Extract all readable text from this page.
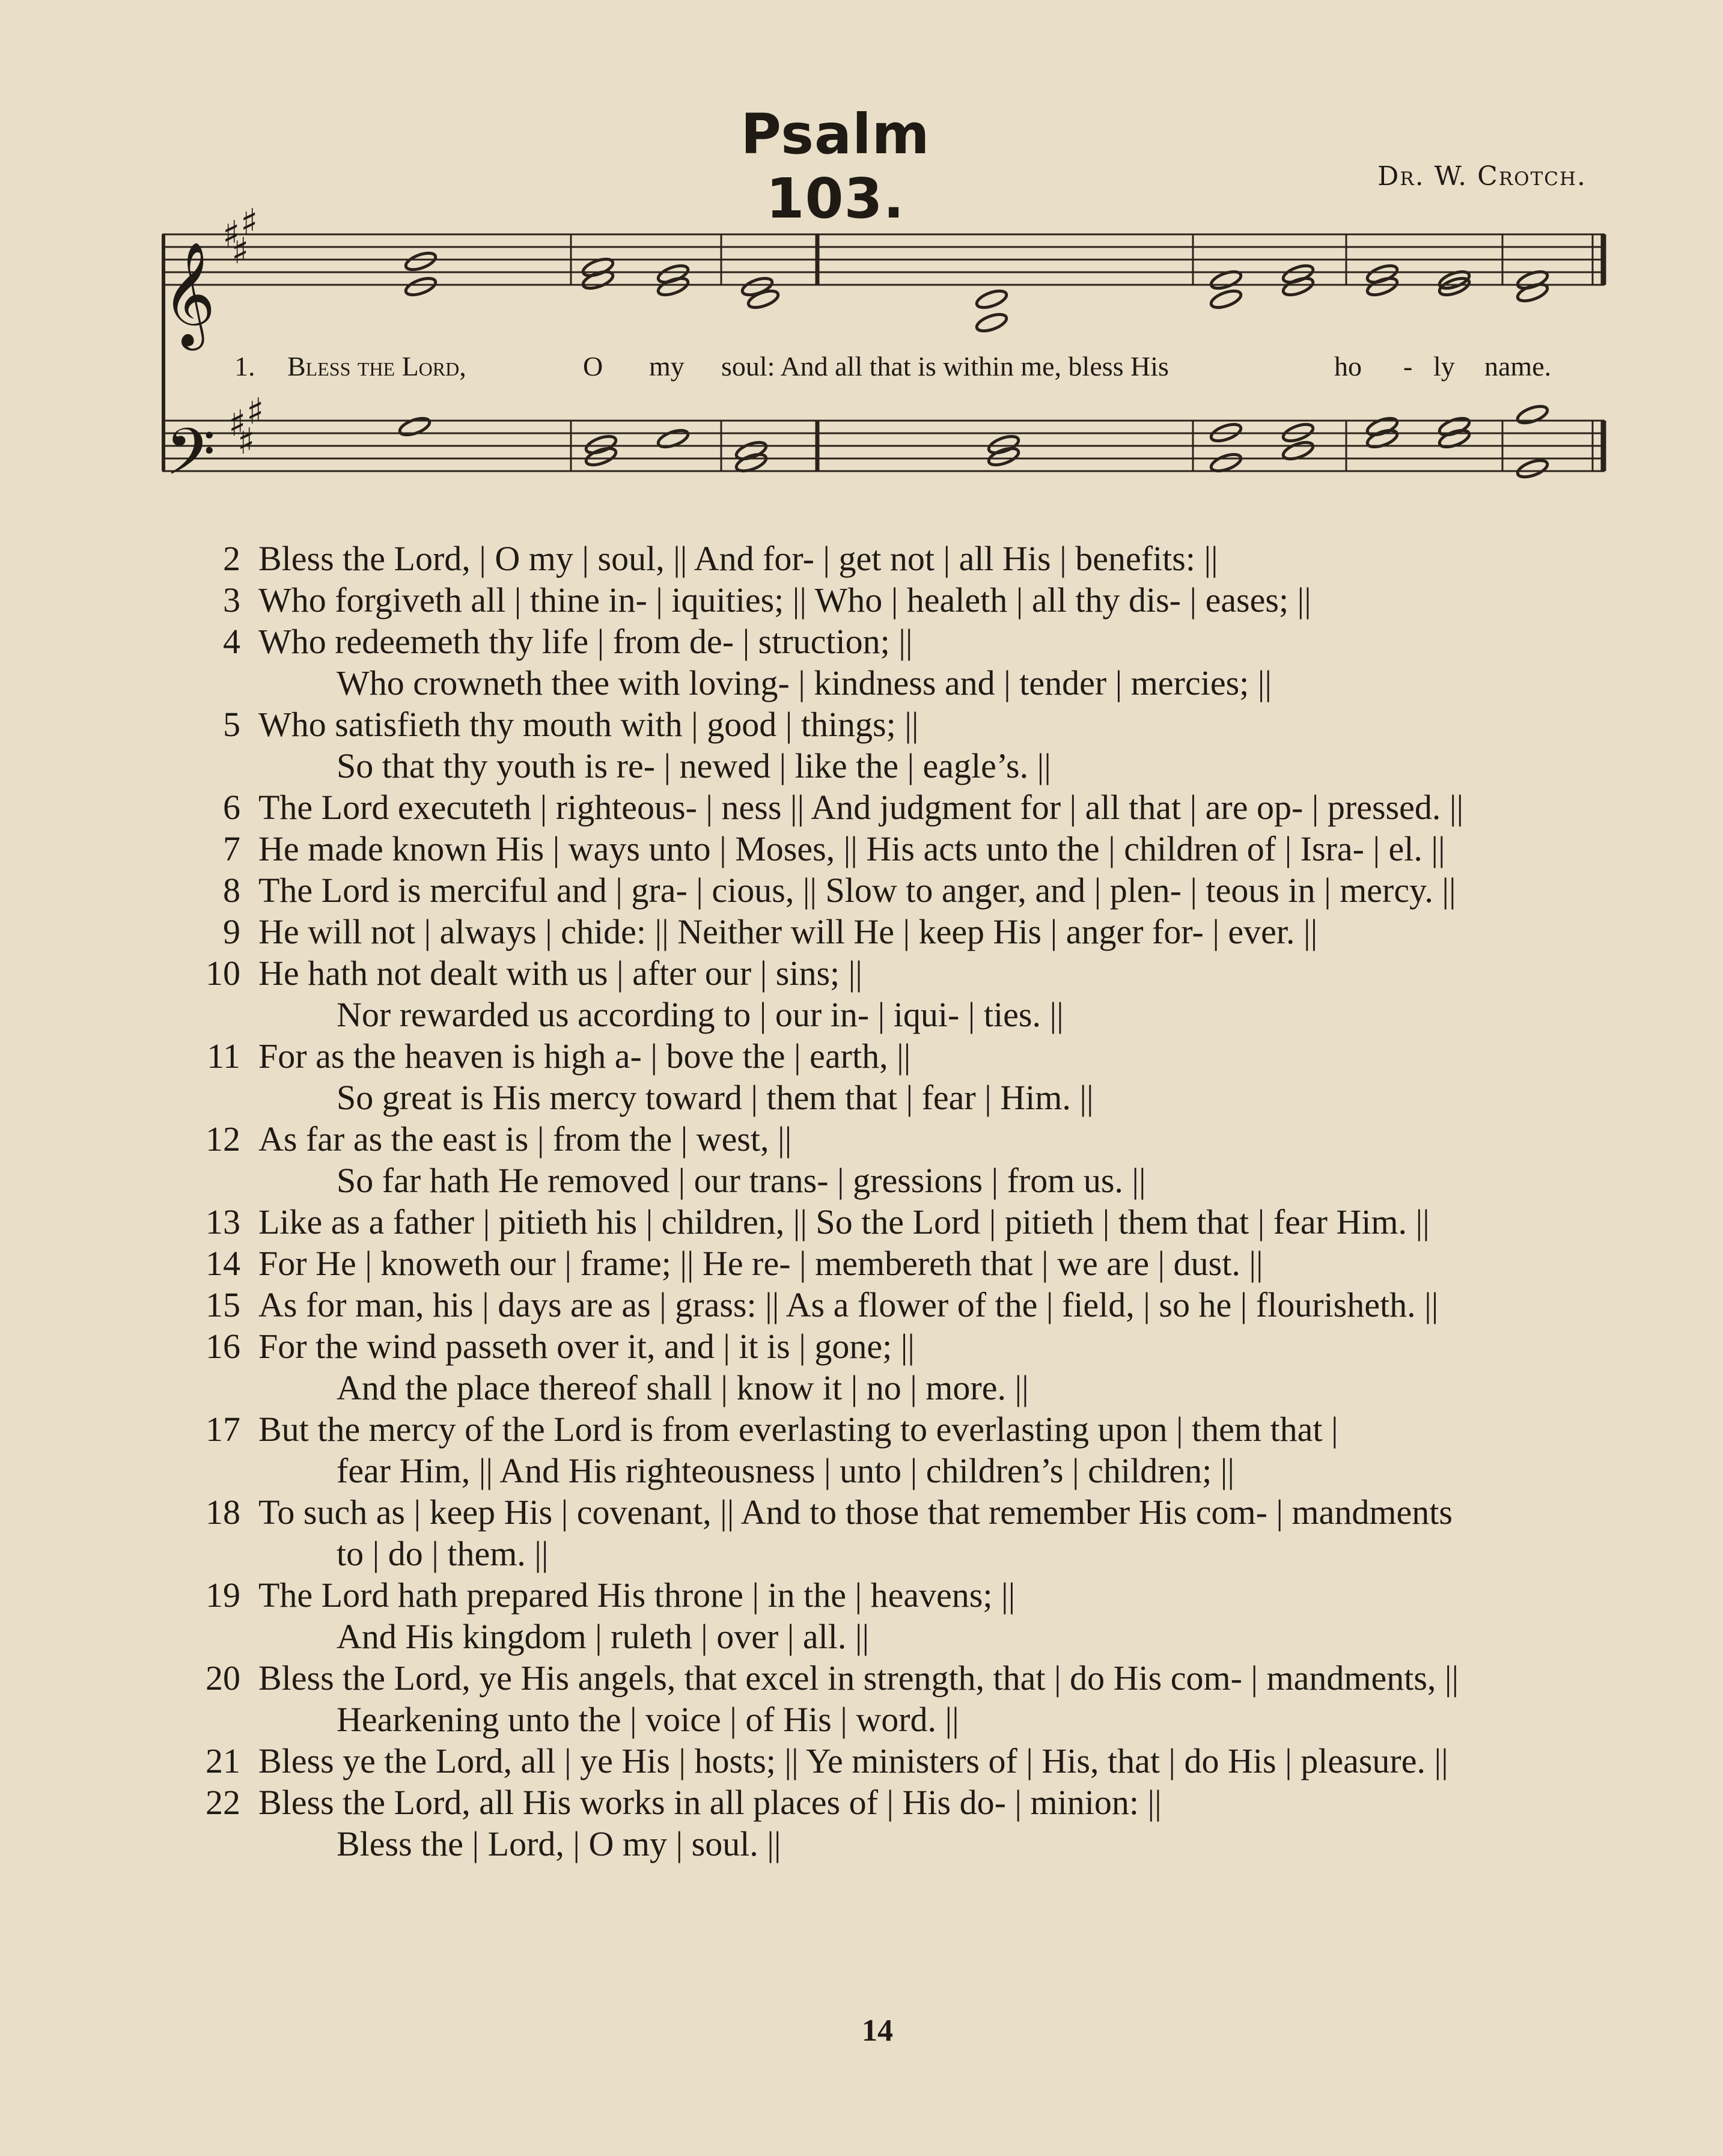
Psalm 103.	Dr. W. Crotch.
𝄞
𝄢
♯ ♯
♯
♯ ♯
♯
1. Bless the Lord,	O my soul: And all that is within me, bless His	ho - ly name.
2 Bless the Lord, | O my | soul, || And for- | get not | all His | benefits: ||
3 Who forgiveth all | thine in- | iquities; || Who | healeth | all thy dis- | eases; ||
4 Who redeemeth thy life | from de- | struction; ||
Who crowneth thee with loving- | kindness and | tender | mercies; ||
5 Who satisfieth thy mouth with | good | things; ||
So that thy youth is re- | newed | like the | eagle’s. ||
6 The Lord executeth | righteous- | ness || And judgment for | all that | are op- | pressed. ||
7 He made known His | ways unto | Moses, || His acts unto the | children of | Isra- | el. ||
8 The Lord is merciful and | gra- | cious, || Slow to anger, and | plen- | teous in | mercy. ||
9 He will not | always | chide: || Neither will He | keep His | anger for- | ever. ||
10 He hath not dealt with us | after our | sins; ||
Nor rewarded us according to | our in- | iqui- | ties. ||
11 For as the heaven is high a- | bove the | earth, ||
So great is His mercy toward | them that | fear | Him. ||
12 As far as the east is | from the | west, ||
So far hath He removed | our trans- | gressions | from us. ||
13 Like as a father | pitieth his | children, || So the Lord | pitieth | them that | fear Him. ||
14 For He | knoweth our | frame; || He re- | membereth that | we are | dust. ||
15 As for man, his | days are as | grass: || As a flower of the | field, | so he | flourisheth. ||
16 For the wind passeth over it, and | it is | gone; ||
And the place thereof shall | know it | no | more. ||
17 But the mercy of the Lord is from everlasting to everlasting upon | them that |
fear Him, || And His righteousness | unto | children’s | children; ||
18 To such as | keep His | covenant, || And to those that remember His com- | mandments
to | do | them. ||
19 The Lord hath prepared His throne | in the | heavens; ||
And His kingdom | ruleth | over | all. ||
20 Bless the Lord, ye His angels, that excel in strength, that | do His com- | mandments, ||
Hearkening unto the | voice | of His | word. ||
21 Bless ye the Lord, all | ye His | hosts; || Ye ministers of | His, that | do His | pleasure. ||
22 Bless the Lord, all His works in all places of | His do- | minion: ||
Bless the | Lord, | O my | soul. ||
14
